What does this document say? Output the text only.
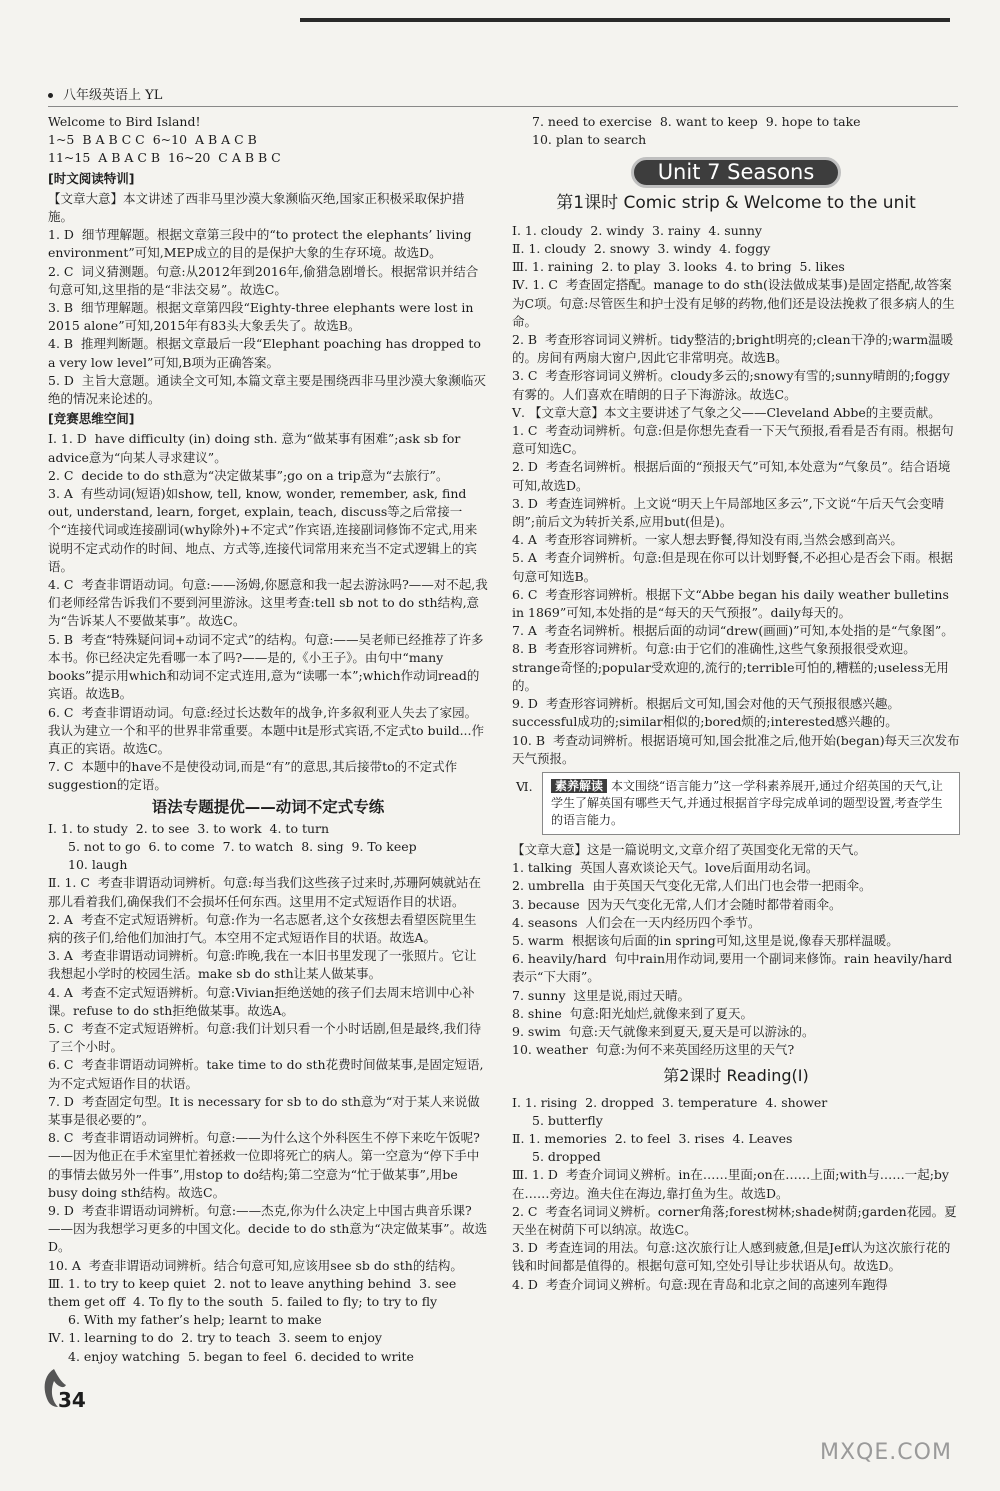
八年级英语上 YL
Welcome to Bird Island!
1~5  B A B C C  6~10  A B A C B
11~15  A B A C B  16~20  C A B B C
[时文阅读特训]
【文章大意】本文讲述了西非马里沙漠大象濒临灭绝,国家正积极采取保护措施。
1. D  细节理解题。根据文章第三段中的“to protect the elephants’ living environment”可知,MEP成立的目的是保护大象的生存环境。故选D。
2. C  词义猜测题。句意:从2012年到2016年,偷猎急剧增长。根据常识并结合句意可知,这里指的是“非法交易”。故选C。
3. B  细节理解题。根据文章第四段“Eighty-three elephants were lost in 2015 alone”可知,2015年有83头大象丢失了。故选B。
4. B  推理判断题。根据文章最后一段“Elephant poaching has dropped to a very low level”可知,B项为正确答案。
5. D  主旨大意题。通读全文可知,本篇文章主要是围绕西非马里沙漠大象濒临灭绝的情况来论述的。
[竞赛思维空间]
Ⅰ. 1. D  have difficulty (in) doing sth. 意为“做某事有困难”;ask sb for advice意为“向某人寻求建议”。
2. C  decide to do sth意为“决定做某事”;go on a trip意为“去旅行”。
3. A  有些动词(短语)如show, tell, know, wonder, remember, ask, find out, understand, learn, forget, explain, teach, discuss等之后常接一个“连接代词或连接副词(why除外)+不定式”作宾语,连接副词修饰不定式,用来说明不定式动作的时间、地点、方式等,连接代词常用来充当不定式逻辑上的宾语。
4. C  考查非谓语动词。句意:——汤姆,你愿意和我一起去游泳吗?——对不起,我们老师经常告诉我们不要到河里游泳。这里考查:tell sb not to do sth结构,意为“告诉某人不要做某事”。故选C。
5. B  考查“特殊疑问词+动词不定式”的结构。句意:——吴老师已经推荐了许多本书。你已经决定先看哪一本了吗?——是的,《小王子》。由句中“many books”提示用which和动词不定式连用,意为“读哪一本”;which作动词read的宾语。故选B。
6. C  考查非谓语动词。句意:经过长达数年的战争,许多叙利亚人失去了家园。我认为建立一个和平的世界非常重要。本题中it是形式宾语,不定式to build...作真正的宾语。故选C。
7. C  本题中的have不是使役动词,而是“有”的意思,其后接带to的不定式作suggestion的定语。
语法专题提优——动词不定式专练
Ⅰ. 1. to study  2. to see  3. to work  4. to turn
5. not to go  6. to come  7. to watch  8. sing  9. To keep
10. laugh
Ⅱ. 1. C  考查非谓语动词辨析。句意:每当我们这些孩子过来时,苏珊阿姨就站在那儿看着我们,确保我们不会损坏任何东西。这里用不定式短语作目的状语。
2. A  考查不定式短语辨析。句意:作为一名志愿者,这个女孩想去看望医院里生病的孩子们,给他们加油打气。本空用不定式短语作目的状语。故选A。
3. A  考查非谓语动词辨析。句意:昨晚,我在一本旧书里发现了一张照片。它让我想起小学时的校园生活。make sb do sth让某人做某事。
4. A  考查不定式短语辨析。句意:Vivian拒绝送她的孩子们去周末培训中心补课。refuse to do sth拒绝做某事。故选A。
5. C  考查不定式短语辨析。句意:我们计划只看一个小时话剧,但是最终,我们待了三个小时。
6. C  考查非谓语动词辨析。take time to do sth花费时间做某事,是固定短语,为不定式短语作目的状语。
7. D  考查固定句型。It is necessary for sb to do sth意为“对于某人来说做某事是很必要的”。
8. C  考查非谓语动词辨析。句意:——为什么这个外科医生不停下来吃午饭呢?——因为他正在手术室里忙着拯救一位即将死亡的病人。第一空意为“停下手中的事情去做另外一件事”,用stop to do结构;第二空意为“忙于做某事”,用be busy doing sth结构。故选C。
9. D  考查非谓语动词辨析。句意:——杰克,你为什么决定上中国古典音乐课?——因为我想学习更多的中国文化。decide to do sth意为“决定做某事”。故选D。
10. A  考查非谓语动词辨析。结合句意可知,应该用see sb do sth的结构。
Ⅲ. 1. to try to keep quiet  2. not to leave anything behind  3. see them get off  4. To fly to the south  5. failed to fly; to try to fly
6. With my father’s help; learnt to make
Ⅳ. 1. learning to do  2. try to teach  3. seem to enjoy
4. enjoy watching  5. began to feel  6. decided to write
7. need to exercise  8. want to keep  9. hope to take
10. plan to search
Unit 7 Seasons
第1课时 Comic strip & Welcome to the unit
Ⅰ. 1. cloudy  2. windy  3. rainy  4. sunny
Ⅱ. 1. cloudy  2. snowy  3. windy  4. foggy
Ⅲ. 1. raining  2. to play  3. looks  4. to bring  5. likes
Ⅳ. 1. C  考查固定搭配。manage to do sth(设法做成某事)是固定搭配,故答案为C项。句意:尽管医生和护士没有足够的药物,他们还是设法挽救了很多病人的生命。
2. B  考查形容词词义辨析。tidy整洁的;bright明亮的;clean干净的;warm温暖的。房间有两扇大窗户,因此它非常明亮。故选B。
3. C  考查形容词词义辨析。cloudy多云的;snowy有雪的;sunny晴朗的;foggy有雾的。人们喜欢在晴朗的日子下海游泳。故选C。
Ⅴ. 【文章大意】本文主要讲述了气象之父——Cleveland Abbe的主要贡献。
1. C  考查动词辨析。句意:但是你想先查看一下天气预报,看看是否有雨。根据句意可知选C。
2. D  考查名词辨析。根据后面的“预报天气”可知,本处意为“气象员”。结合语境可知,故选D。
3. D  考查连词辨析。上文说“明天上午局部地区多云”,下文说“午后天气会变晴朗”;前后文为转折关系,应用but(但是)。
4. A  考查形容词辨析。一家人想去野餐,得知没有雨,当然会感到高兴。
5. A  考查介词辨析。句意:但是现在你可以计划野餐,不必担心是否会下雨。根据句意可知选B。
6. C  考查形容词辨析。根据下文“Abbe began his daily weather bulletins in 1869”可知,本处指的是“每天的天气预报”。daily每天的。
7. A  考查名词辨析。根据后面的动词“drew(画画)”可知,本处指的是“气象图”。
8. B  考查形容词辨析。句意:由于它们的准确性,这些气象预报很受欢迎。strange奇怪的;popular受欢迎的,流行的;terrible可怕的,糟糕的;useless无用的。
9. D  考查形容词辨析。根据后文可知,国会对他的天气预报很感兴趣。successful成功的;similar相似的;bored烦的;interested感兴趣的。
10. B  考查动词辨析。根据语境可知,国会批准之后,他开始(began)每天三次发布天气预报。
Ⅵ.	素养解读 本文围绕“语言能力”这一学科素养展开,通过介绍英国的天气,让学生了解英国有哪些天气,并通过根据首字母完成单词的题型设置,考查学生的语言能力。
【文章大意】这是一篇说明文,文章介绍了英国变化无常的天气。
1. talking  英国人喜欢谈论天气。love后面用动名词。
2. umbrella  由于英国天气变化无常,人们出门也会带一把雨伞。
3. because  因为天气变化无常,人们才会随时都带着雨伞。
4. seasons  人们会在一天内经历四个季节。
5. warm  根据该句后面的in spring可知,这里是说,像春天那样温暖。
6. heavily/hard  句中rain用作动词,要用一个副词来修饰。rain heavily/hard表示“下大雨”。
7. sunny  这里是说,雨过天晴。
8. shine  句意:阳光灿烂,就像来到了夏天。
9. swim  句意:天气就像来到夏天,夏天是可以游泳的。
10. weather  句意:为何不来英国经历这里的天气?
第2课时 Reading(Ⅰ)
Ⅰ. 1. rising  2. dropped  3. temperature  4. shower
5. butterfly
Ⅱ. 1. memories  2. to feel  3. rises  4. Leaves
5. dropped
Ⅲ. 1. D  考查介词词义辨析。in在……里面;on在……上面;with与……一起;by在……旁边。渔夫住在海边,靠打鱼为生。故选D。
2. C  考查名词词义辨析。corner角落;forest树林;shade树荫;garden花园。夏天坐在树荫下可以纳凉。故选C。
3. D  考查连词的用法。句意:这次旅行让人感到疲惫,但是Jeff认为这次旅行花的钱和时间都是值得的。根据句意可知,空处引导让步状语从句。故选D。
4. D  考查介词词义辨析。句意:现在青岛和北京之间的高速列车跑得
34
MXQE.COM
